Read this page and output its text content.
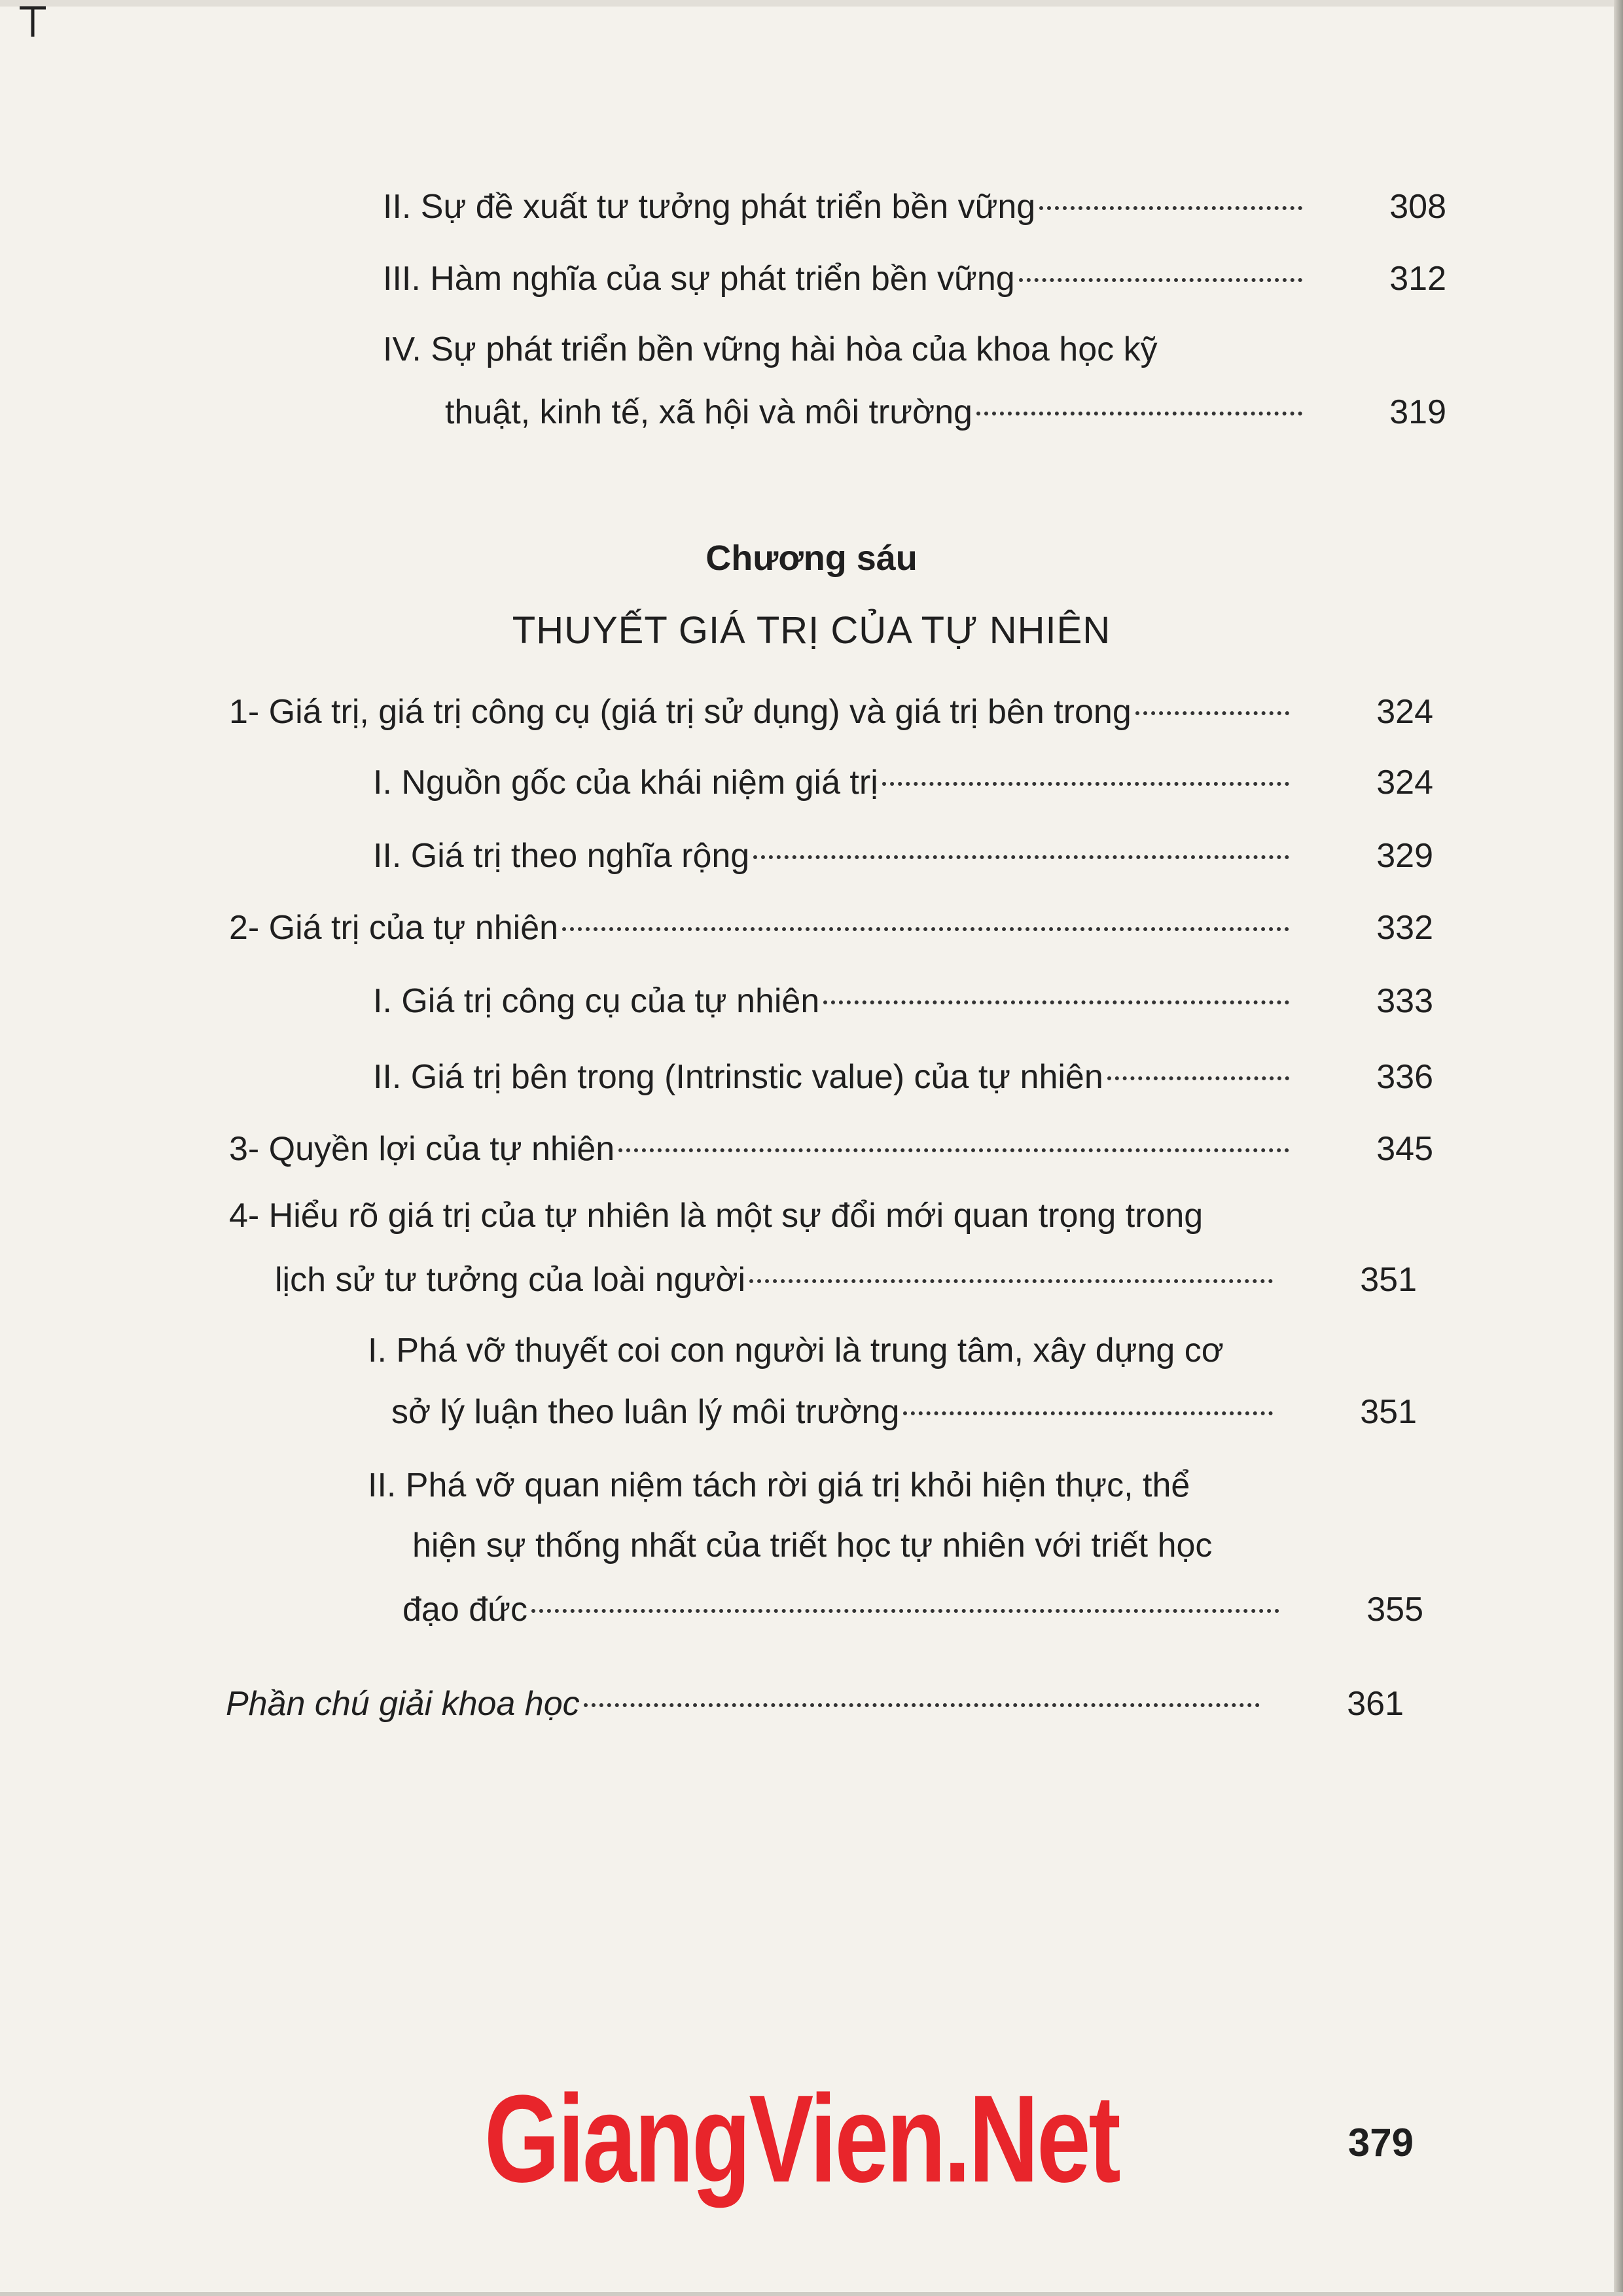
II. Sự đề xuất tư tưởng phát triển bền vững	308
III. Hàm nghĩa của sự phát triển bền vững	312
IV. Sự phát triển bền vững hài hòa của khoa học kỹ
thuật, kinh tế, xã hội và môi trường	319
Chương sáu
THUYẾT GIÁ TRỊ CỦA TỰ NHIÊN
1- Giá trị, giá trị công cụ (giá trị sử dụng) và giá trị bên trong	324
I. Nguồn gốc của khái niệm giá trị	324
II. Giá trị theo nghĩa rộng	329
2- Giá trị của tự nhiên	332
I. Giá trị công cụ của tự nhiên	333
II. Giá trị bên trong (Intrinstic value) của tự nhiên	336
3- Quyền lợi của tự nhiên	345
4- Hiểu rõ giá trị của tự nhiên là một sự đổi mới quan trọng trong
lịch sử tư tưởng của loài người	351
I. Phá vỡ thuyết coi con người là trung tâm, xây dựng cơ
sở lý luận theo luân lý môi trường	351
II. Phá vỡ quan niệm tách rời giá trị khỏi hiện thực, thể
hiện sự thống nhất của triết học tự nhiên với triết học
đạo đức	355
Phần chú giải khoa học	361
GiangVien.Net	379
